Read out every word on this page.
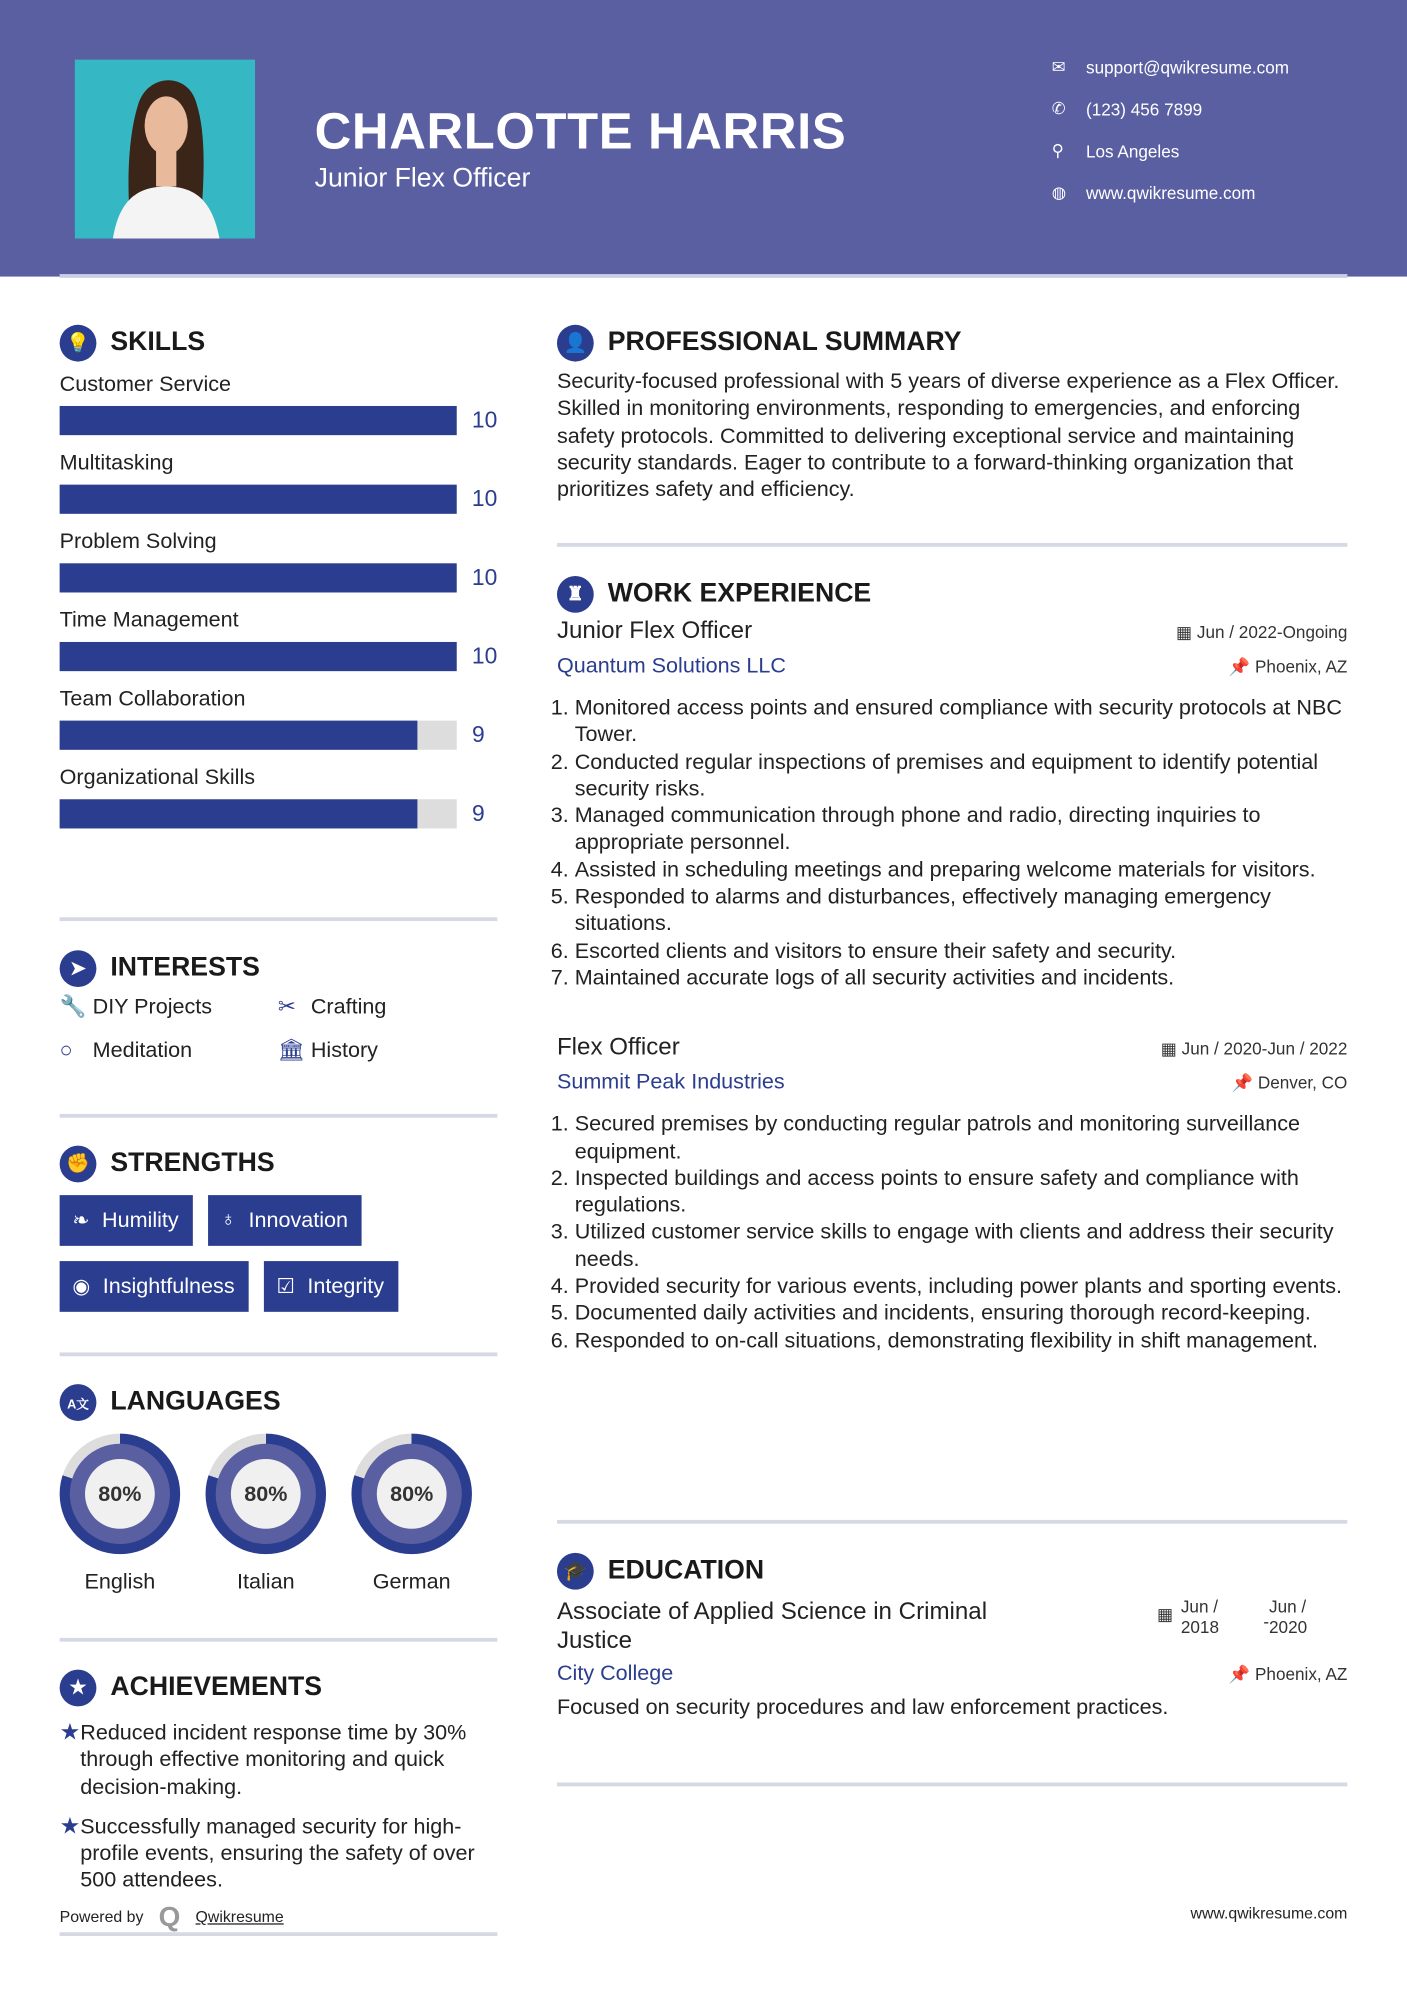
CHARLOTTE HARRIS
Junior Flex Officer
✉	support@qwikresume.com
✆	(123) 456 7899
⚲	Los Angeles
◍	www.qwikresume.com
💡 SKILLS
Customer Service
10
Multitasking
10
Problem Solving
10
Time Management
10
Team Collaboration
9
Organizational Skills
9
➤	INTERESTS
🔧 DIY Projects	✂ Crafting
○	Meditation	🏛 History
✊ STRENGTHS
❧ Humility	♁ Innovation
◉ Insightfulness	☑ Integrity
A文	LANGUAGES
80%
English
80%
Italian
80%
German
★	ACHIEVEMENTS
★ Reduced incident response time by 30% through effective monitoring and quick decision-making.
★ Successfully managed security for high-profile events, ensuring the safety of over 500 attendees.
Powered by Q Qwikresume
👤 PROFESSIONAL SUMMARY
Security-focused professional with 5 years of diverse experience as a Flex Officer. Skilled in monitoring environments, responding to emergencies, and enforcing safety protocols. Committed to delivering exceptional service and maintaining security standards. Eager to contribute to a forward-thinking organization that prioritizes safety and efficiency.
♜	WORK EXPERIENCE
Junior Flex Officer	▦ Jun / 2022-Ongoing
Quantum Solutions LLC	📌 Phoenix, AZ
1. Monitored access points and ensured compliance with security protocols at NBC Tower.
2. Conducted regular inspections of premises and equipment to identify potential security risks.
3. Managed communication through phone and radio, directing inquiries to appropriate personnel.
4. Assisted in scheduling meetings and preparing welcome materials for visitors.
5. Responded to alarms and disturbances, effectively managing emergency situations.
6. Escorted clients and visitors to ensure their safety and security.
7. Maintained accurate logs of all security activities and incidents.
Flex Officer	▦ Jun / 2020-Jun / 2022
Summit Peak Industries	📌 Denver, CO
1. Secured premises by conducting regular patrols and monitoring surveillance equipment.
2. Inspected buildings and access points to ensure safety and compliance with regulations.
3. Utilized customer service skills to engage with clients and address their security needs.
4. Provided security for various events, including power plants and sporting events.
5. Documented daily activities and incidents, ensuring thorough record-keeping.
6. Responded to on-call situations, demonstrating flexibility in shift management.
🎓 EDUCATION
Associate of Applied Science in Criminal Justice
▦ Jun / 2018	-
Jun / 2020
City College	📌 Phoenix, AZ
Focused on security procedures and law enforcement practices.
www.qwikresume.com
